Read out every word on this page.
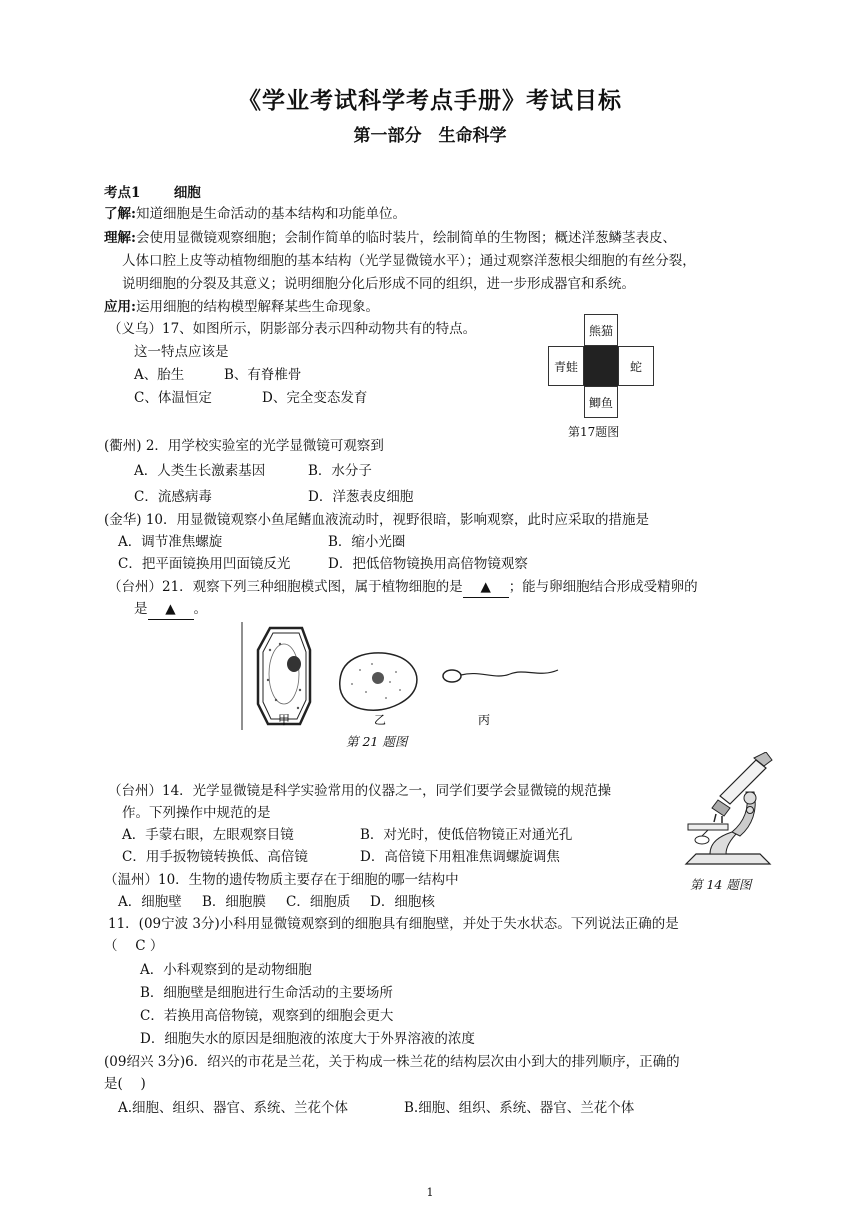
《学业考试科学考点手册》考试目标
第一部分　生命科学
考点1 细胞
了解:知道细胞是生命活动的基本结构和功能单位。
理解:会使用显微镜观察细胞；会制作简单的临时装片，绘制简单的生物图；概述洋葱鳞茎表皮、
人体口腔上皮等动植物细胞的基本结构（光学显微镜水平）；通过观察洋葱根尖细胞的有丝分裂，
说明细胞的分裂及其意义；说明细胞分化后形成不同的组织，进一步形成器官和系统。
应用:运用细胞的结构模型解释某些生命现象。
（义乌）17、如图所示，阴影部分表示四种动物共有的特点。
这一特点应该是
A、胎生	B、有脊椎骨
C、体温恒定	D、完全变态发育
熊猫
青蛙	蛇
鲫鱼
第17题图
(衢州) 2．用学校实验室的光学显微镜可观察到
A．人类生长激素基因	B．水分子
C．流感病毒	D．洋葱表皮细胞
(金华) 10．用显微镜观察小鱼尾鳍血液流动时，视野很暗，影响观察，此时应采取的措施是
A．调节准焦螺旋	B．缩小光圈
C．把平面镜换用凹面镜反光	D．把低倍物镜换用高倍物镜观察
（台州）21．观察下列三种细胞模式图，属于植物细胞的是 ▲ ；能与卵细胞结合形成受精卵的
是 ▲ 。
甲	乙	丙
第 21 题图
（台州）14．光学显微镜是科学实验常用的仪器之一，同学们要学会显微镜的规范操
作。下列操作中规范的是
A．手蒙右眼，左眼观察目镜	B．对光时，使低倍物镜正对通光孔
C．用手扳物镜转换低、高倍镜	D．高倍镜下用粗准焦调螺旋调焦
第 14 题图
（温州）10．生物的遗传物质主要存在于细胞的哪一结构中
A．细胞壁 B．细胞膜 C．细胞质 D．细胞核
11．(09宁波 3分)小科用显微镜观察到的细胞具有细胞壁，并处于失水状态。下列说法正确的是
（　 C ）
A．小科观察到的是动物细胞
B．细胞壁是细胞进行生命活动的主要场所
C．若换用高倍物镜，观察到的细胞会更大
D．细胞失水的原因是细胞液的浓度大于外界溶液的浓度
(09绍兴 3分)6．绍兴的市花是兰花，关于构成一株兰花的结构层次由小到大的排列顺序，正确的
是(　 )
A.细胞、组织、器官、系统、兰花个体	B.细胞、组织、系统、器官、兰花个体
1
